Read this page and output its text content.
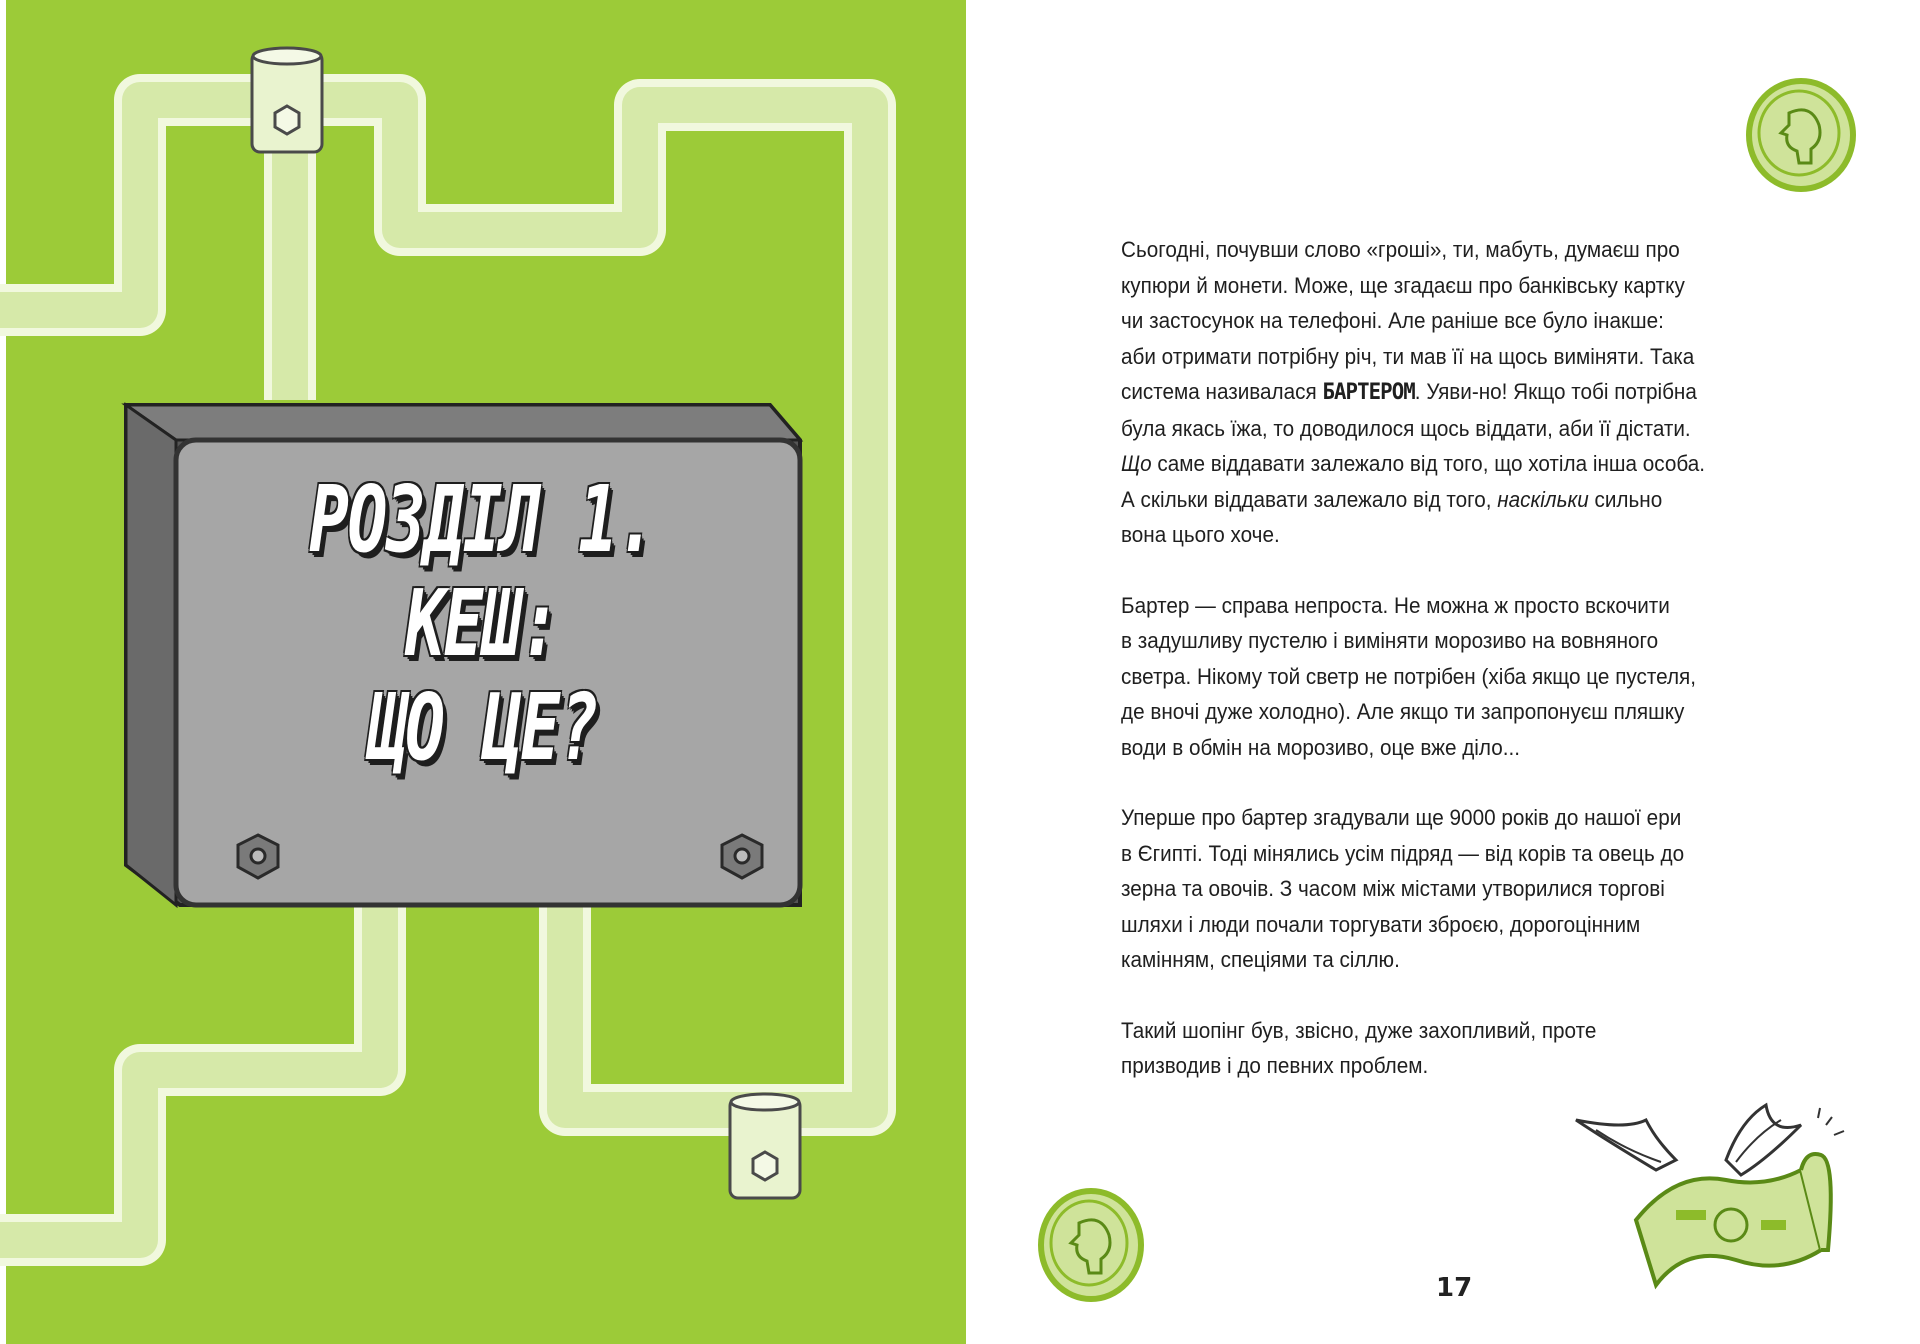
РОЗДІЛ 1.
КЕШ:
ЩО ЦЕ?

Сьогодні, почувши слово «гроші», ти, мабуть, думаєш про
купюри й монети. Може, ще згадаєш про банківську картку
чи застосунок на телефоні. Але раніше все було інакше:
аби отримати потрібну річ, ти мав її на щось виміняти. Така
система називалася БАРТЕРОМ. Уяви-но! Якщо тобі потрібна
була якась їжа, то доводилося щось віддати, аби її дістати.
Що саме віддавати залежало від того, що хотіла інша особа.
А скільки віддавати залежало від того, наскільки сильно
вона цього хоче.

Бартер — справа непроста. Не можна ж просто вскочити
в задушливу пустелю і виміняти морозиво на вовняного
светра. Нікому той светр не потрібен (хіба якщо це пустеля,
де вночі дуже холодно). Але якщо ти запропонуєш пляшку
води в обмін на морозиво, оце вже діло...

Уперше про бартер згадували ще 9000 років до нашої ери
в Єгипті. Тоді мінялись усім підряд — від корів та овець до
зерна та овочів. З часом між містами утворилися торгові
шляхи і люди почали торгувати зброєю, дорогоцінним
камінням, спеціями та сіллю.

Такий шопінг був, звісно, дуже захопливий, проте
призводив і до певних проблем.

17
